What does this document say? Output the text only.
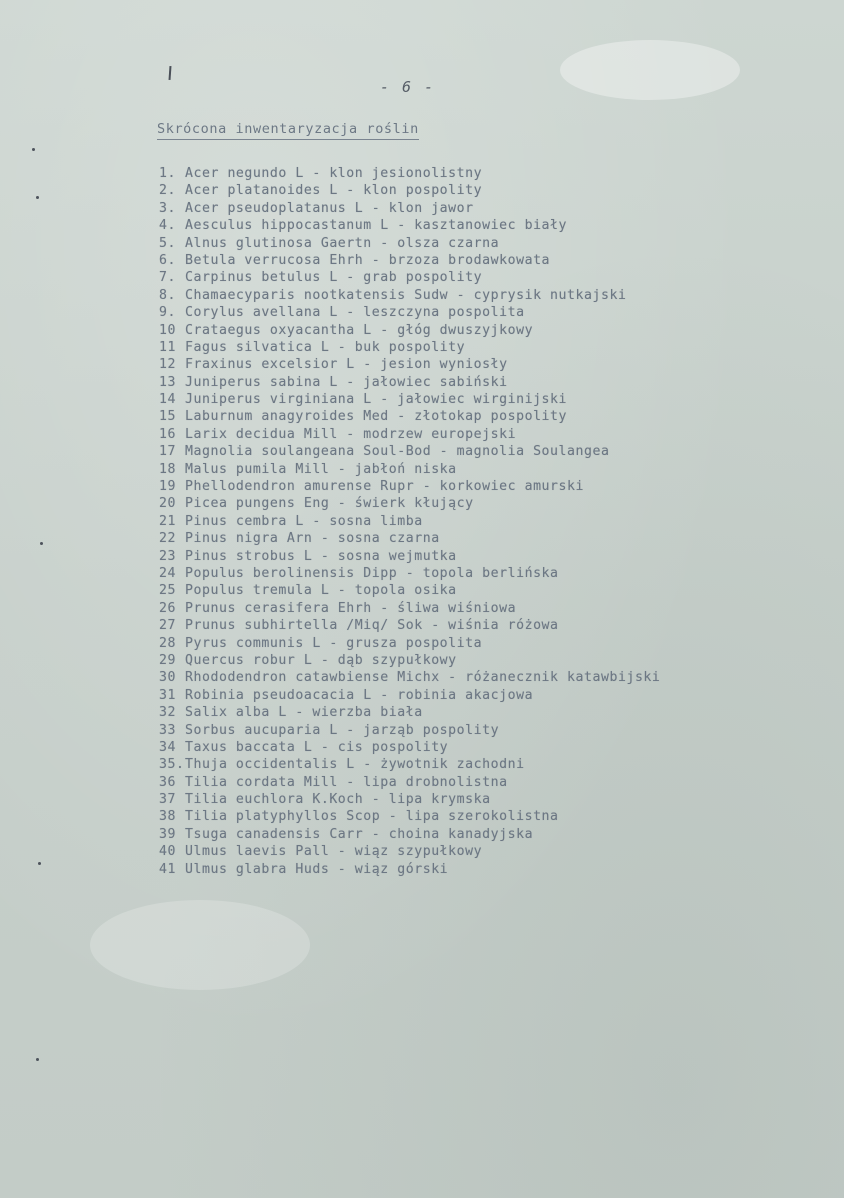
- 6 -
Skrócona inwentaryzacja roślin
1. Acer negundo L - klon jesionolistny
2. Acer platanoides L - klon pospolity
3. Acer pseudoplatanus L - klon jawor
4. Aesculus hippocastanum L - kasztanowiec biały
5. Alnus glutinosa Gaertn - olsza czarna
6. Betula verrucosa Ehrh - brzoza brodawkowata
7. Carpinus betulus L - grab pospolity
8. Chamaecyparis nootkatensis Sudw - cyprysik nutkajski
9. Corylus avellana L - leszczyna pospolita
10 Crataegus oxyacantha L - głóg dwuszyjkowy
11 Fagus silvatica L - buk pospolity
12 Fraxinus excelsior L - jesion wyniosły
13 Juniperus sabina L - jałowiec sabiński
14 Juniperus virginiana L - jałowiec wirginijski
15 Laburnum anagyroides Med - złotokap pospolity
16 Larix decidua Mill - modrzew europejski
17 Magnolia soulangeana Soul-Bod - magnolia Soulangea
18 Malus pumila Mill - jabłoń niska
19 Phellodendron amurense Rupr - korkowiec amurski
20 Picea pungens Eng - świerk kłujący
21 Pinus cembra L - sosna limba
22 Pinus nigra Arn - sosna czarna
23 Pinus strobus L - sosna wejmutka
24 Populus berolinensis Dipp - topola berlińska
25 Populus tremula L - topola osika
26 Prunus cerasifera Ehrh - śliwa wiśniowa
27 Prunus subhirtella /Miq/ Sok - wiśnia różowa
28 Pyrus communis L - grusza pospolita
29 Quercus robur L - dąb szypułkowy
30 Rhododendron catawbiense Michx - różanecznik katawbijski
31 Robinia pseudoacacia L - robinia akacjowa
32 Salix alba L - wierzba biała
33 Sorbus aucuparia L - jarząb pospolity
34 Taxus baccata L - cis pospolity
35.Thuja occidentalis L - żywotnik zachodni
36 Tilia cordata Mill - lipa drobnolistna
37 Tilia euchlora K.Koch - lipa krymska
38 Tilia platyphyllos Scop - lipa szerokolistna
39 Tsuga canadensis Carr - choina kanadyjska
40 Ulmus laevis Pall - wiąz szypułkowy
41 Ulmus glabra Huds - wiąz górski
